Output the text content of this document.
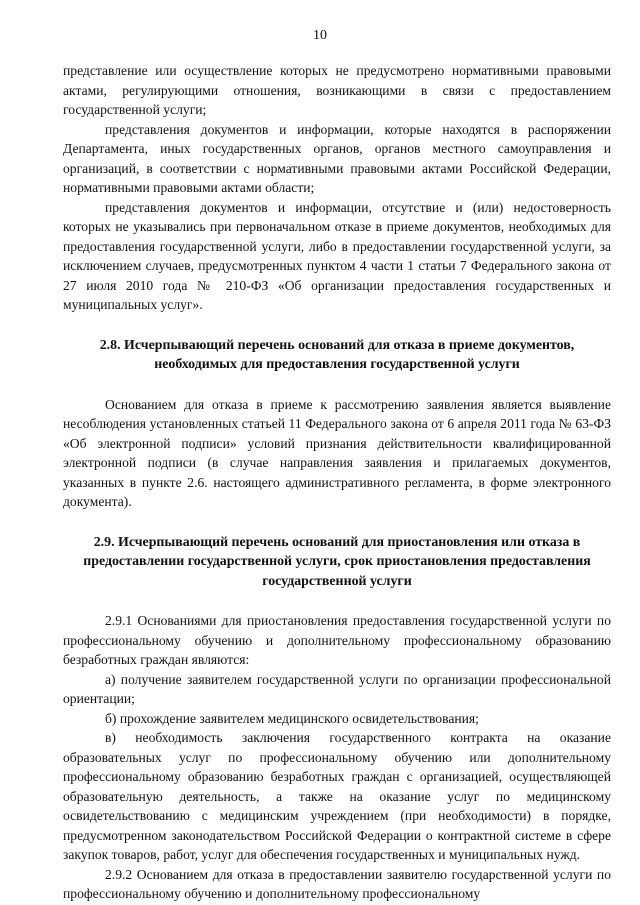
10

представление или осуществление которых не предусмотрено нормативными правовыми актами, регулирующими отношения, возникающими в связи с предоставлением государственной услуги;

представления документов и информации, которые находятся в распоряжении Департамента, иных государственных органов, органов местного самоуправления и организаций, в соответствии с нормативными правовыми актами Российской Федерации, нормативными правовыми актами области;

представления документов и информации, отсутствие и (или) недостоверность которых не указывались при первоначальном отказе в приеме документов, необходимых для предоставления государственной услуги, либо в предоставлении государственной услуги, за исключением случаев, предусмотренных пунктом 4 части 1 статьи 7 Федерального закона от 27 июля 2010 года № 210-ФЗ «Об организации предоставления государственных и муниципальных услуг».

2.8. Исчерпывающий перечень оснований для отказа в приеме документов, необходимых для предоставления государственной услуги

Основанием для отказа в приеме к рассмотрению заявления является выявление несоблюдения установленных статьей 11 Федерального закона от 6 апреля 2011 года № 63-ФЗ «Об электронной подписи» условий признания действительности квалифицированной электронной подписи (в случае направления заявления и прилагаемых документов, указанных в пункте 2.6. настоящего административного регламента, в форме электронного документа).

2.9. Исчерпывающий перечень оснований для приостановления или отказа в предоставлении государственной услуги, срок приостановления предоставления государственной услуги

2.9.1 Основаниями для приостановления предоставления государственной услуги по профессиональному обучению и дополнительному профессиональному образованию безработных граждан являются:

а) получение заявителем государственной услуги по организации профессиональной ориентации;

б) прохождение заявителем медицинского освидетельствования;

в) необходимость заключения государственного контракта на оказание образовательных услуг по профессиональному обучению или дополнительному профессиональному образованию безработных граждан с организацией, осуществляющей образовательную деятельность, а также на оказание услуг по медицинскому освидетельствованию с медицинским учреждением (при необходимости) в порядке, предусмотренном законодательством Российской Федерации о контрактной системе в сфере закупок товаров, работ, услуг для обеспечения государственных и муниципальных нужд.

2.9.2 Основанием для отказа в предоставлении заявителю государственной услуги по профессиональному обучению и дополнительному профессиональному
